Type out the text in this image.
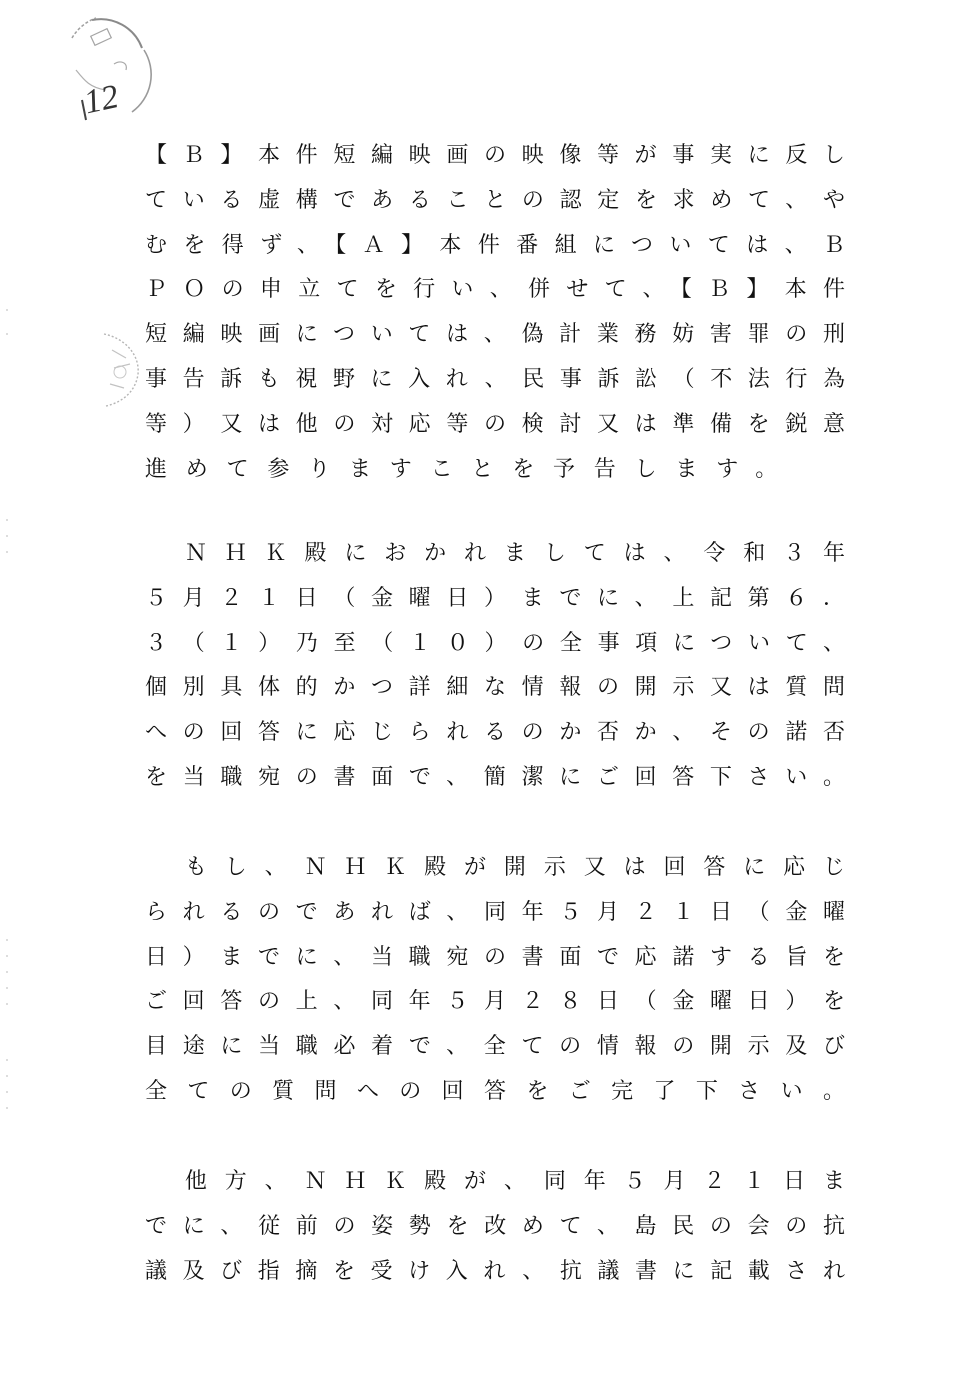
12
【Ｂ】本件短編映画の映像等が事実に反し
ている虚構であることの認定を求めて、や
むを得ず、【Ａ】本件番組については、Ｂ
ＰＯの申立てを行い、併せて、【Ｂ】本件
短編映画については、偽計業務妨害罪の刑
事告訴も視野に入れ、民事訴訟（不法行為
等）又は他の対応等の検討又は準備を鋭意
進めて参りますことを予告します。
　ＮＨＫ殿におかれましては、令和３年
５月２１日（金曜日）までに、上記第６．
３（１）乃至（１０）の全事項について、
個別具体的かつ詳細な情報の開示又は質問
への回答に応じられるのか否か、その諾否
を当職宛の書面で、簡潔にご回答下さい。
　もし、ＮＨＫ殿が開示又は回答に応じ
られるのであれば、同年５月２１日（金曜
日）までに、当職宛の書面で応諾する旨を
ご回答の上、同年５月２８日（金曜日）を
目途に当職必着で、全ての情報の開示及び
全ての質問への回答をご完了下さい。
　他方、ＮＨＫ殿が、同年５月２１日ま
でに、従前の姿勢を改めて、島民の会の抗
議及び指摘を受け入れ、抗議書に記載され
